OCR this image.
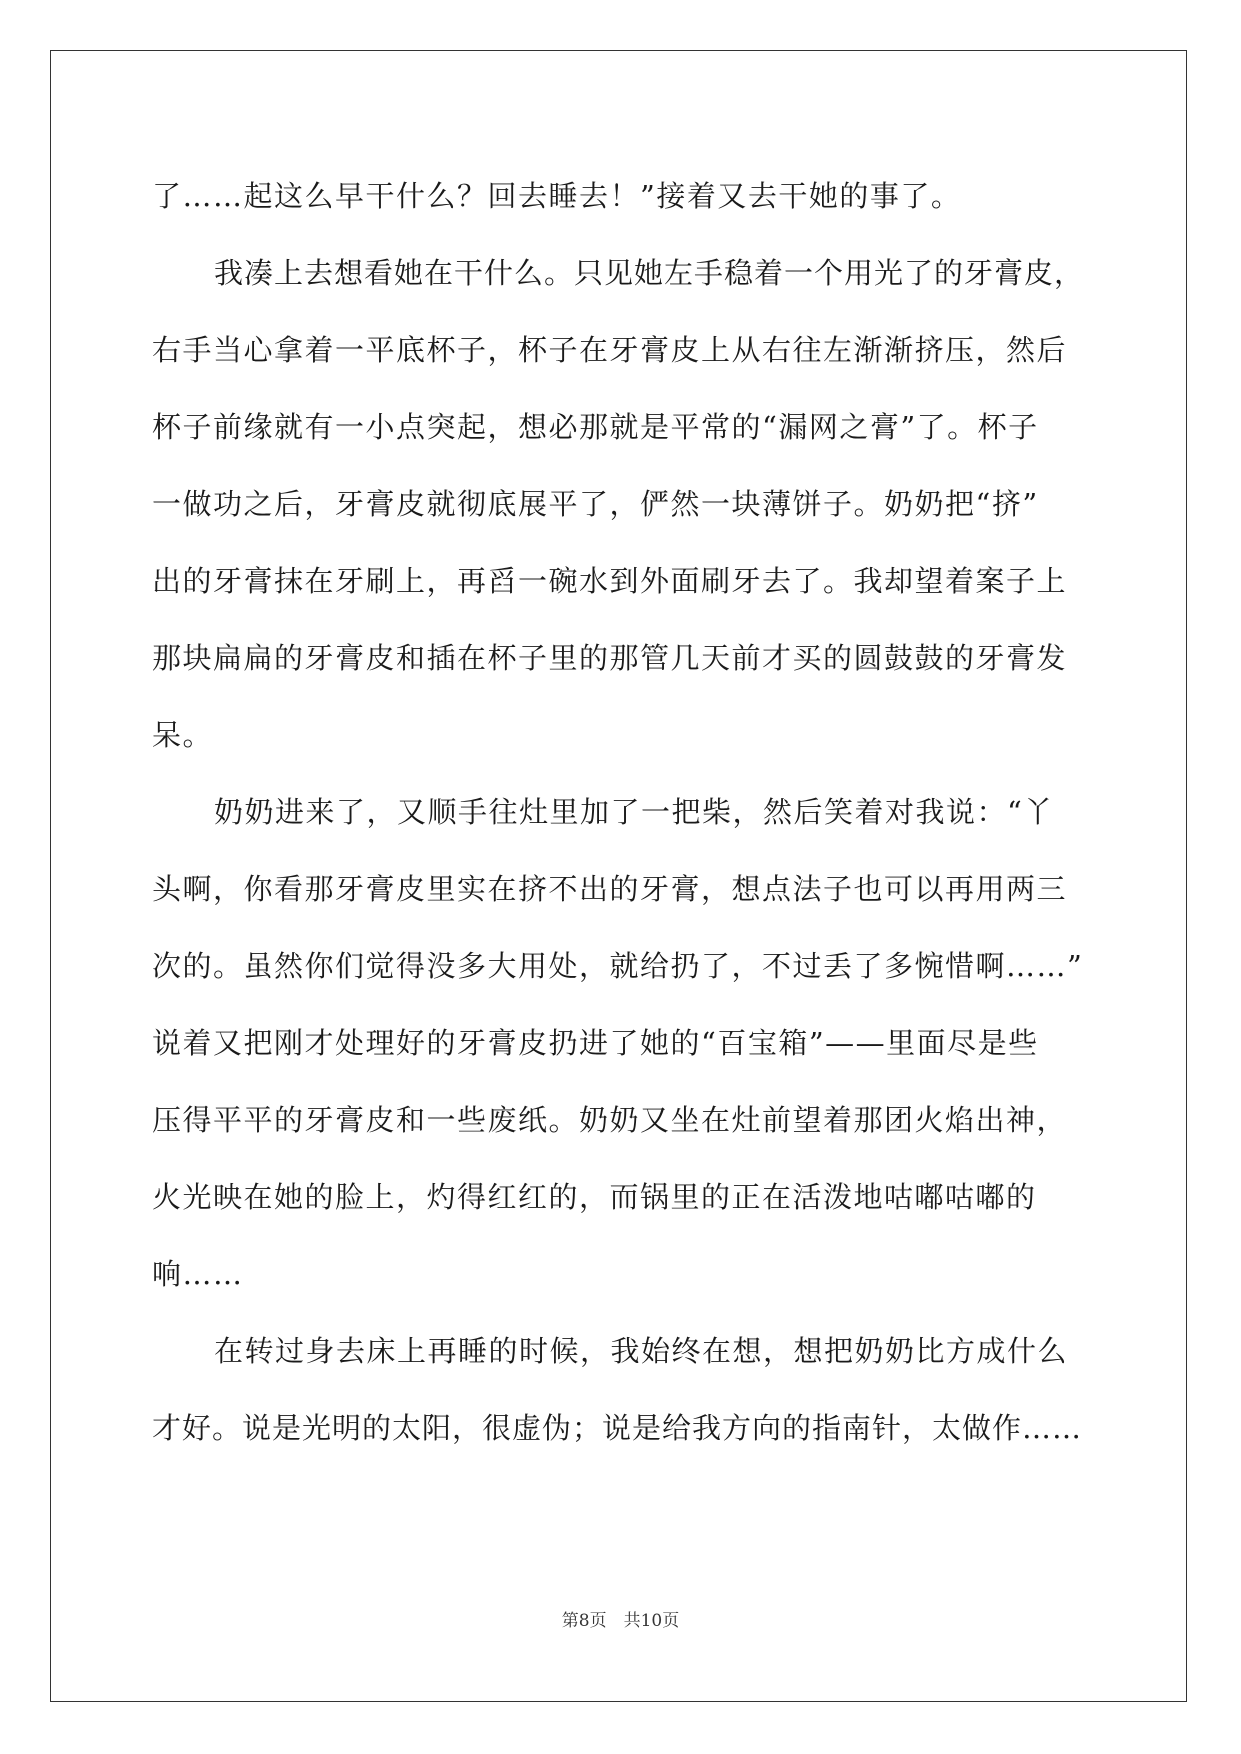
了……起这么早干什么？回去睡去！”接着又去干她的事了。
我凑上去想看她在干什么。只见她左手稳着一个用光了的牙膏皮，
右手当心拿着一平底杯子，杯子在牙膏皮上从右往左渐渐挤压，然后
杯子前缘就有一小点突起，想必那就是平常的“漏网之膏”了。杯子
一做功之后，牙膏皮就彻底展平了，俨然一块薄饼子。奶奶把“挤”
出的牙膏抹在牙刷上，再舀一碗水到外面刷牙去了。我却望着案子上
那块扁扁的牙膏皮和插在杯子里的那管几天前才买的圆鼓鼓的牙膏发
呆。
奶奶进来了，又顺手往灶里加了一把柴，然后笑着对我说：“丫
头啊，你看那牙膏皮里实在挤不出的牙膏，想点法子也可以再用两三
次的。虽然你们觉得没多大用处，就给扔了，不过丢了多惋惜啊……”
说着又把刚才处理好的牙膏皮扔进了她的“百宝箱”——里面尽是些
压得平平的牙膏皮和一些废纸。奶奶又坐在灶前望着那团火焰出神，
火光映在她的脸上，灼得红红的，而锅里的正在活泼地咕嘟咕嘟的
响……
在转过身去床上再睡的时候，我始终在想，想把奶奶比方成什么
才好。说是光明的太阳，很虚伪；说是给我方向的指南针，太做作……
第8页　共10页
